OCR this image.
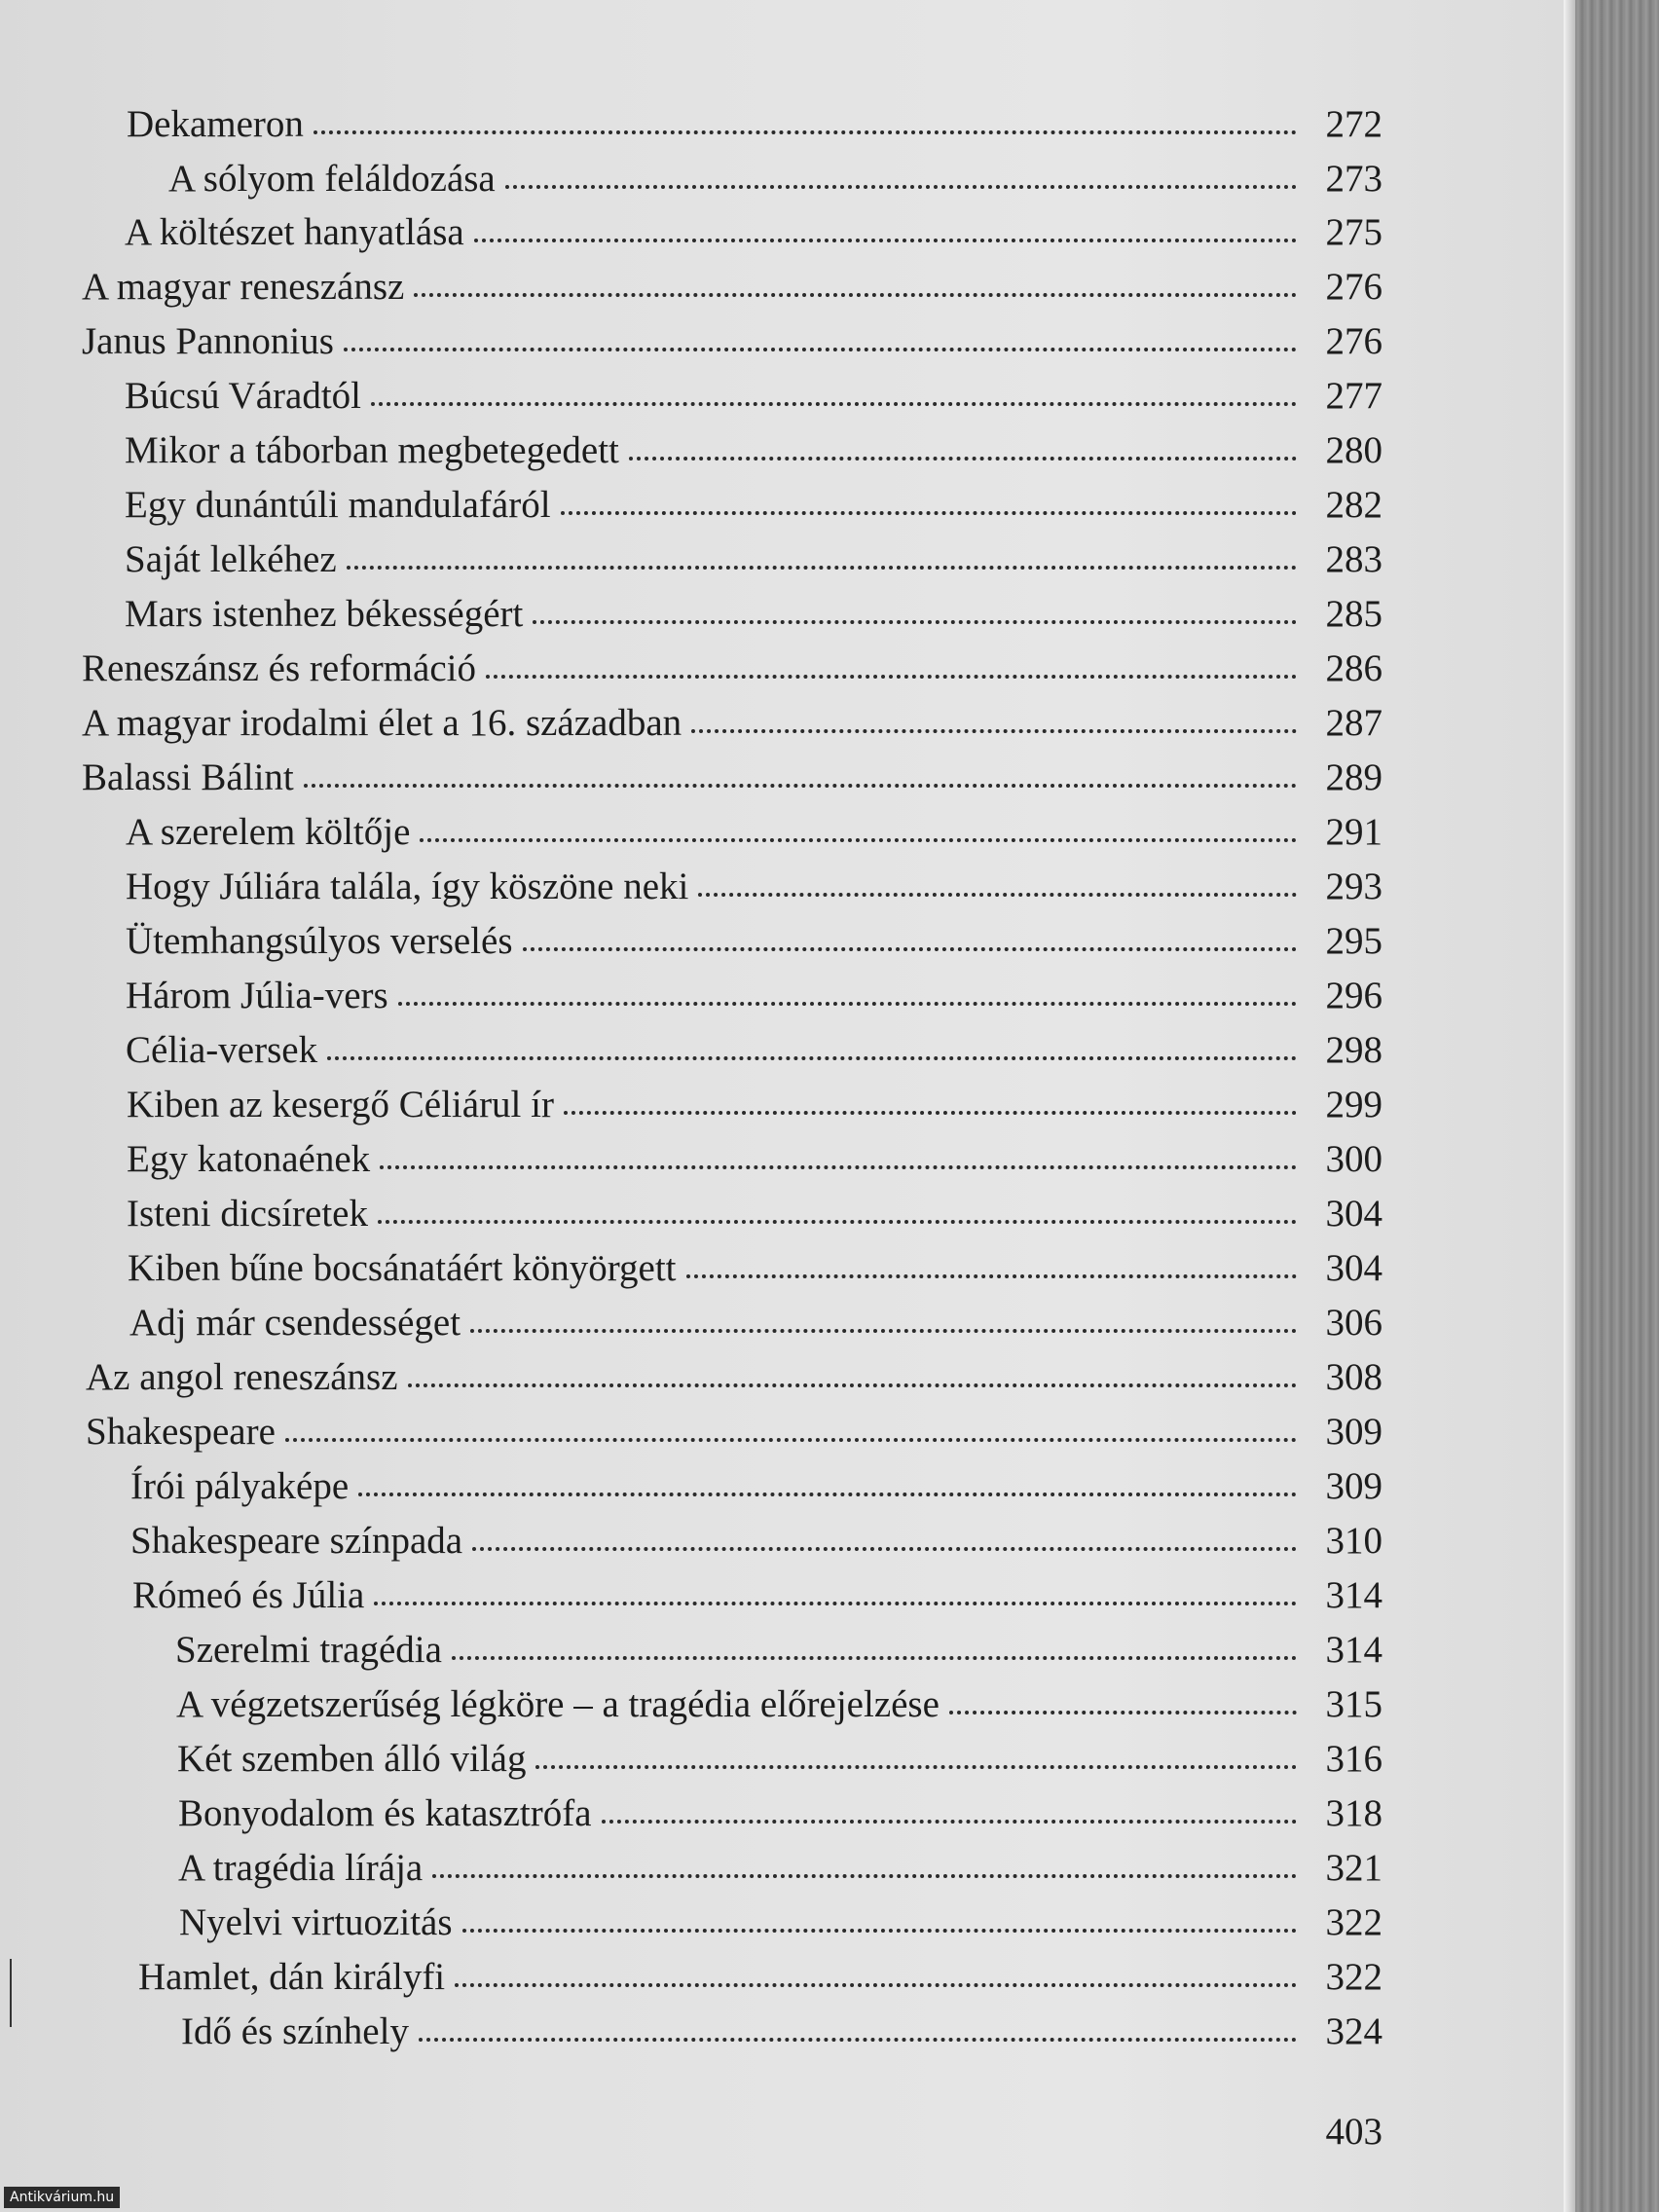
Dekameron	272
A sólyom feláldozása	273
A költészet hanyatlása	275
A magyar reneszánsz	276
Janus Pannonius	276
Búcsú Váradtól	277
Mikor a táborban megbetegedett	280
Egy dunántúli mandulafáról	282
Saját lelkéhez	283
Mars istenhez békességért	285
Reneszánsz és reformáció	286
A magyar irodalmi élet a 16. században	287
Balassi Bálint	289
A szerelem költője	291
Hogy Júliára találа, így köszöne neki	293
Ütemhangsúlyos verselés	295
Három Júlia-vers	296
Célia-versek	298
Kiben az kesergő Céliárul ír	299
Egy katonaének	300
Isteni dicsíretek	304
Kiben bűne bocsánatáért könyörgett	304
Adj már csendességet	306
Az angol reneszánsz	308
Shakespeare	309
Írói pályaképe	309
Shakespeare színpada	310
Rómeó és Júlia	314
Szerelmi tragédia	314
A végzetszerűség légköre – a tragédia előrejelzése	315
Két szemben álló világ	316
Bonyodalom és katasztrófa	318
A tragédia lírája	321
Nyelvi virtuozitás	322
Hamlet, dán királyfi	322
Idő és színhely	324
403
Antikvárium.hu
